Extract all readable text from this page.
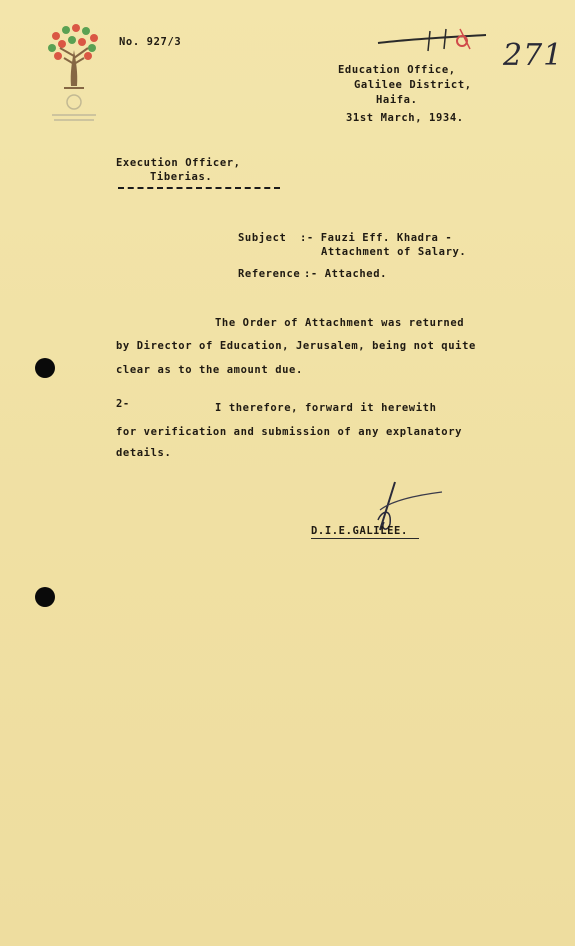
No. 927/3	271
Education Office,
Galilee District,
Haifa.
31st March, 1934.
Execution Officer,
Tiberias.
Subject :- Fauzi Eff. Khadra -
Attachment of Salary.
Reference :- Attached.
The Order of Attachment was returned
by Director of Education, Jerusalem, being not quite
clear as to the amount due.
2-	I therefore, forward it herewith
for verification and submission of any explanatory
details.
D.I.E.GALILEE.
